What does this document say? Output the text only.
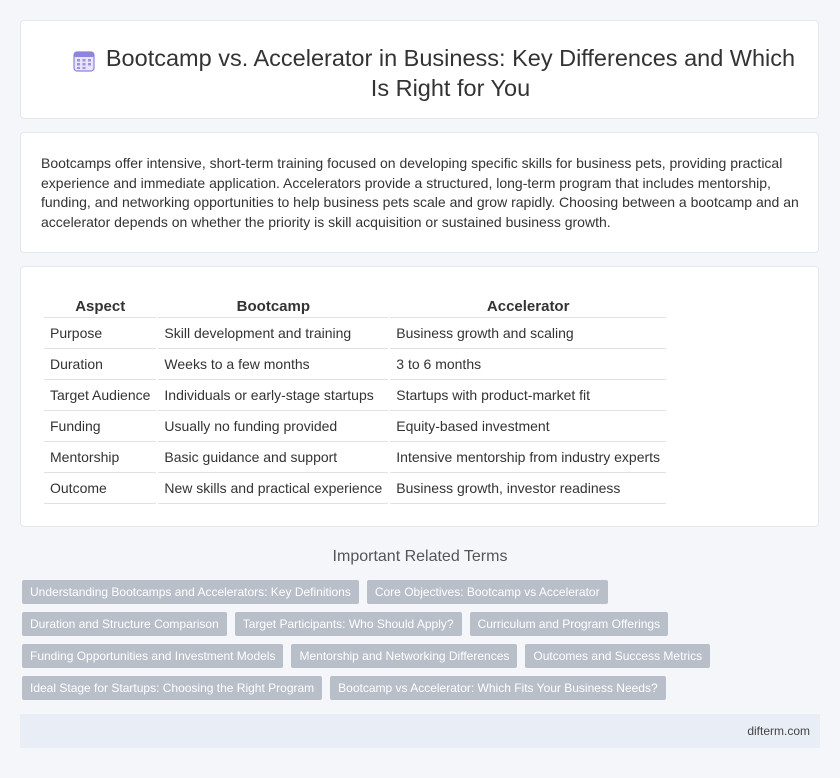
Bootcamp vs. Accelerator in Business: Key Differences and Which Is Right for You

Bootcamps offer intensive, short-term training focused on developing specific skills for business pets, providing practical experience and immediate application. Accelerators provide a structured, long-term program that includes mentorship, funding, and networking opportunities to help business pets scale and grow rapidly. Choosing between a bootcamp and an accelerator depends on whether the priority is skill acquisition or sustained business growth.

Aspect	Bootcamp	Accelerator
Purpose	Skill development and training	Business growth and scaling
Duration	Weeks to a few months	3 to 6 months
Target Audience	Individuals or early-stage startups	Startups with product-market fit
Funding	Usually no funding provided	Equity-based investment
Mentorship	Basic guidance and support	Intensive mentorship from industry experts
Outcome	New skills and practical experience	Business growth, investor readiness
Important Related Terms
Understanding Bootcamps and Accelerators: Key Definitions	Core Objectives: Bootcamp vs Accelerator
Duration and Structure Comparison	Target Participants: Who Should Apply?	Curriculum and Program Offerings
Funding Opportunities and Investment Models	Mentorship and Networking Differences	Outcomes and Success Metrics
Ideal Stage for Startups: Choosing the Right Program	Bootcamp vs Accelerator: Which Fits Your Business Needs?
difterm.com
